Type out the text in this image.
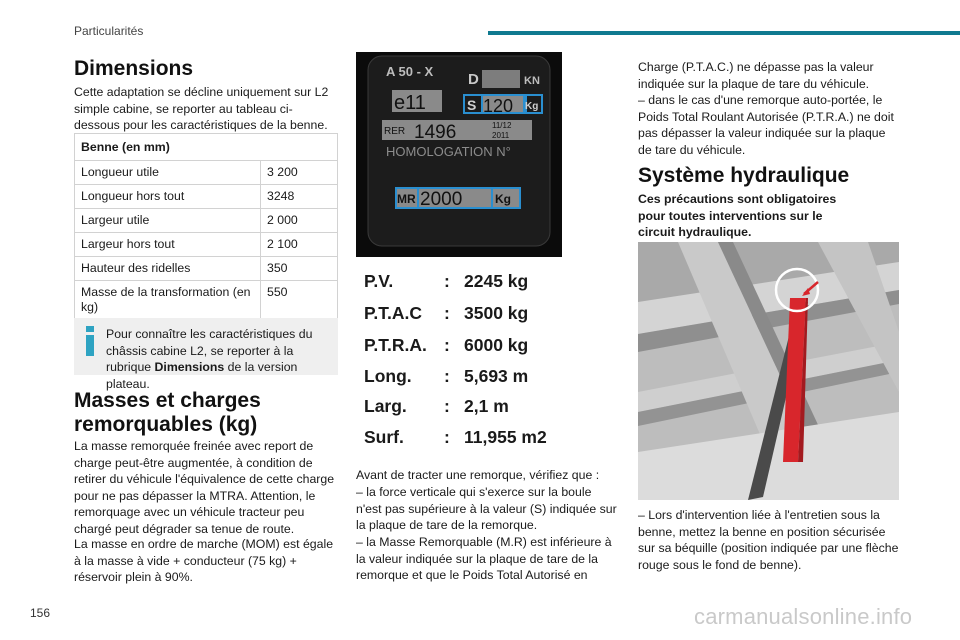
Particularités
156	carmanualsonline.info
Dimensions

Cette adaptation se décline uniquement sur L2 simple cabine, se reporter au tableau ci-dessous pour les caractéristiques de la benne.

Benne (en mm)	
Longueur utile	3 200
Longueur hors tout	3248
Largeur utile	2 000
Largeur hors tout	2 100
Hauteur des ridelles	350
Masse de la transformation (en kg)	550

Pour connaître les caractéristiques du châssis cabine L2, se reporter à la rubrique Dimensions de la version plateau.

Masses et charges remorquables (kg)

La masse remorquée freinée avec report de charge peut-être augmentée, à condition de retirer du véhicule l'équivalence de cette charge pour ne pas dépasser la MTRA. Attention, le remorquage avec un véhicule tracteur peu chargé peut dégrader sa tenue de route.

La masse en ordre de marche (MOM) est égale à la masse à vide + conducteur (75 kg) + réservoir plein à 90%.

A 50 - X D	KN
e11	S 120 Kg
RER 1496	11/12
2011
HOMOLOGATION N°
MR 2000	Kg
P.V.	: 2245 kg
P.T.A.C : 3500 kg
P.T.R.A. : 6000 kg
Long. : 5,693 m
Larg. : 2,1 m
Surf. : 11,955 m2

Avant de tracter une remorque, vérifiez que :

– la force verticale qui s'exerce sur la boule n'est pas supérieure à la valeur (S) indiquée sur la plaque de tare de la remorque.

– la Masse Remorquable (M.R) est inférieure à la valeur indiquée sur la plaque de tare de la remorque et que le Poids Total Autorisé en

Charge (P.T.A.C.) ne dépasse pas la valeur indiquée sur la plaque de tare du véhicule.

– dans le cas d'une remorque auto-portée, le Poids Total Roulant Autorisée (P.T.R.A.) ne doit pas dépasser la valeur indiquée sur la plaque de tare du véhicule.

Système hydraulique

Ces précautions sont obligatoires pour toutes interventions sur le circuit hydraulique.

– Lors d'intervention liée à l'entretien sous la benne, mettez la benne en position sécurisée sur sa béquille (position indiquée par une flèche rouge sous le fond de benne).
